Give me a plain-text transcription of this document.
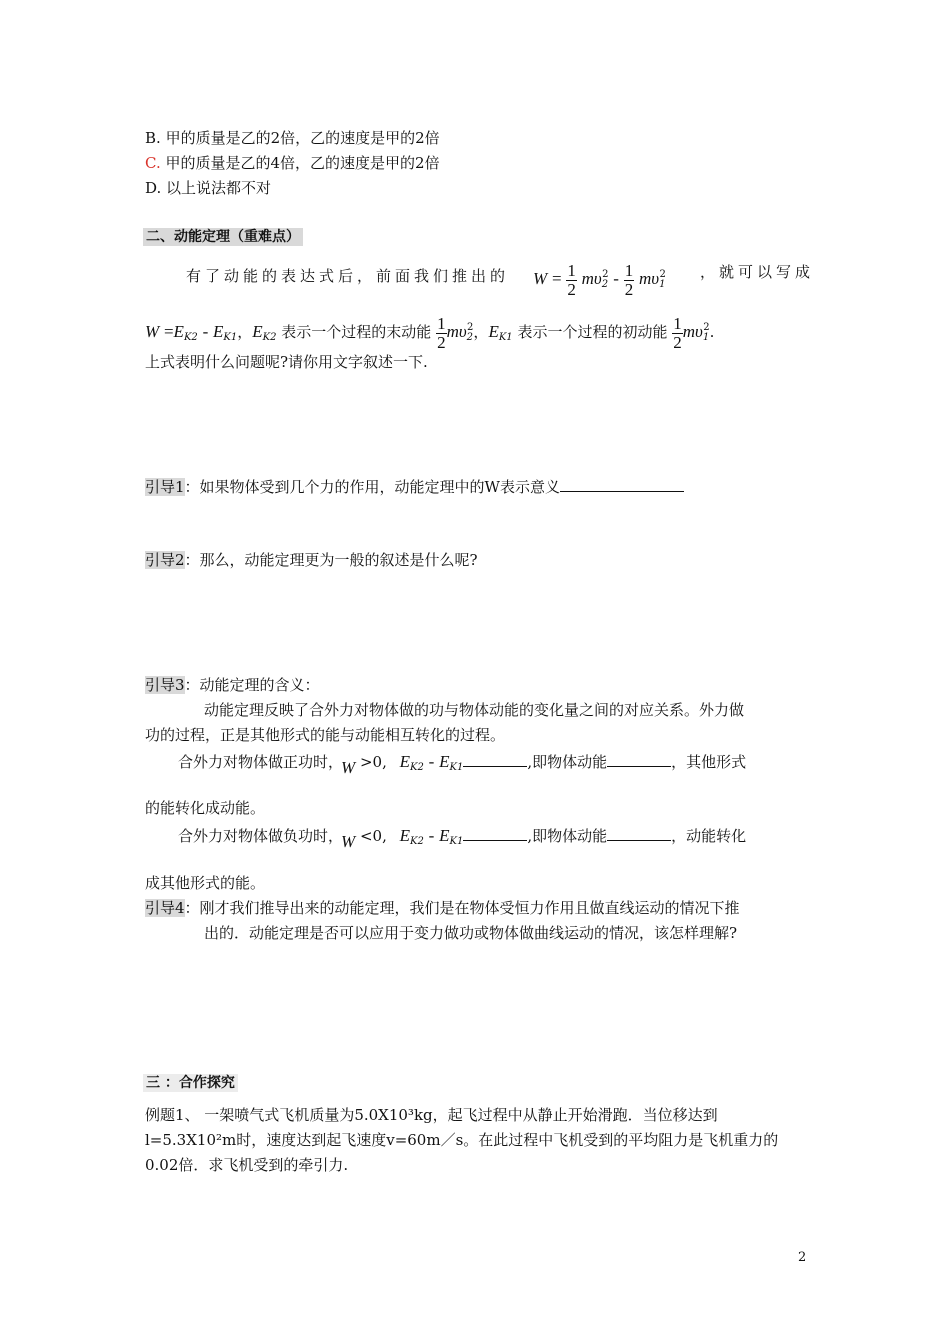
B. 甲的质量是乙的2倍，乙的速度是甲的2倍
C. 甲的质量是乙的4倍，乙的速度是甲的2倍
D. 以上说法都不对
二、动能定理（重难点）
有了动能的表达式后，前面我们推出的 $W = \frac{1}{2} m\upsilon_2^2 - \frac{1}{2} m\upsilon_1^2$ ，就可以写成
$W =E_{K2} - E_{K1}$，$E_{K2}$ 表示一个过程的末动能 $\frac{1}{2} m\upsilon_2^2$，$E_{K1}$ 表示一个过程的初动能 $\frac{1}{2} m\upsilon_1^2$.
上式表明什么问题呢?请你用文字叙述一下.
引导1：如果物体受到几个力的作用，动能定理中的W表示意义
引导2：那么，动能定理更为一般的叙述是什么呢?
引导3：动能定理的含义：
动能定理反映了合外力对物体做的功与物体动能的变化量之间的对应关系。外力做
功的过程，正是其他形式的能与动能相互转化的过程。
合外力对物体做正功时，W >0, $E_{K2} - E_{K1}$	,即物体动能	，其他形式
的能转化成动能。
合外力对物体做负功时，W <0, $E_{K2} - E_{K1}$	,即物体动能	，动能转化
成其他形式的能。
引导4：刚才我们推导出来的动能定理，我们是在物体受恒力作用且做直线运动的情况下推
出的．动能定理是否可以应用于变力做功或物体做曲线运动的情况，该怎样理解?
三 ：合作探究
例题1、 一架喷气式飞机质量为5.0X10³kg，起飞过程中从静止开始滑跑．当位移达到
l=5.3X10²m时，速度达到起飞速度v=60m／s。在此过程中飞机受到的平均阻力是飞机重力的
0.02倍．求飞机受到的牵引力.
2
